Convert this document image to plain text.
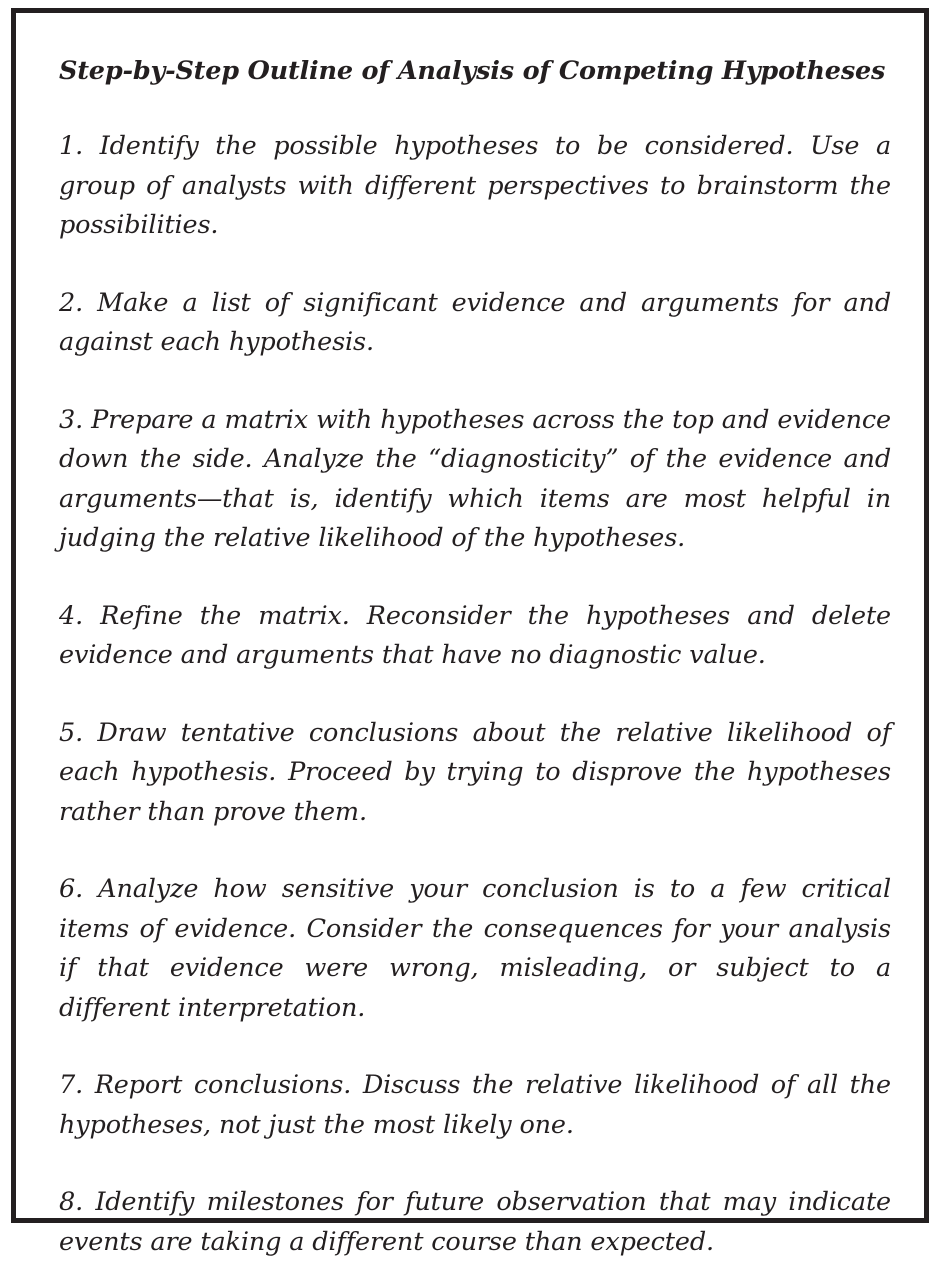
Step-by-Step Outline of Analysis of Competing Hypotheses
1. Identify the possible hypotheses to be considered. Use a group of analysts with different perspectives to brainstorm the possibilities.
2. Make a list of significant evidence and arguments for and against each hypothesis.
3. Prepare a matrix with hypotheses across the top and evidence down the side. Analyze the “diagnosticity” of the evidence and arguments—that is, identify which items are most helpful in judging the relative likelihood of the hypotheses.
4. Refine the matrix. Reconsider the hypotheses and delete evidence and arguments that have no diagnostic value.
5. Draw tentative conclusions about the relative likelihood of each hypothesis. Proceed by trying to disprove the hypotheses rather than prove them.
6. Analyze how sensitive your conclusion is to a few critical items of evidence. Consider the consequences for your analysis if that evidence were wrong, misleading, or subject to a different interpretation.
7. Report conclusions. Discuss the relative likelihood of all the hypotheses, not just the most likely one.
8. Identify milestones for future observation that may indicate events are taking a different course than expected.
